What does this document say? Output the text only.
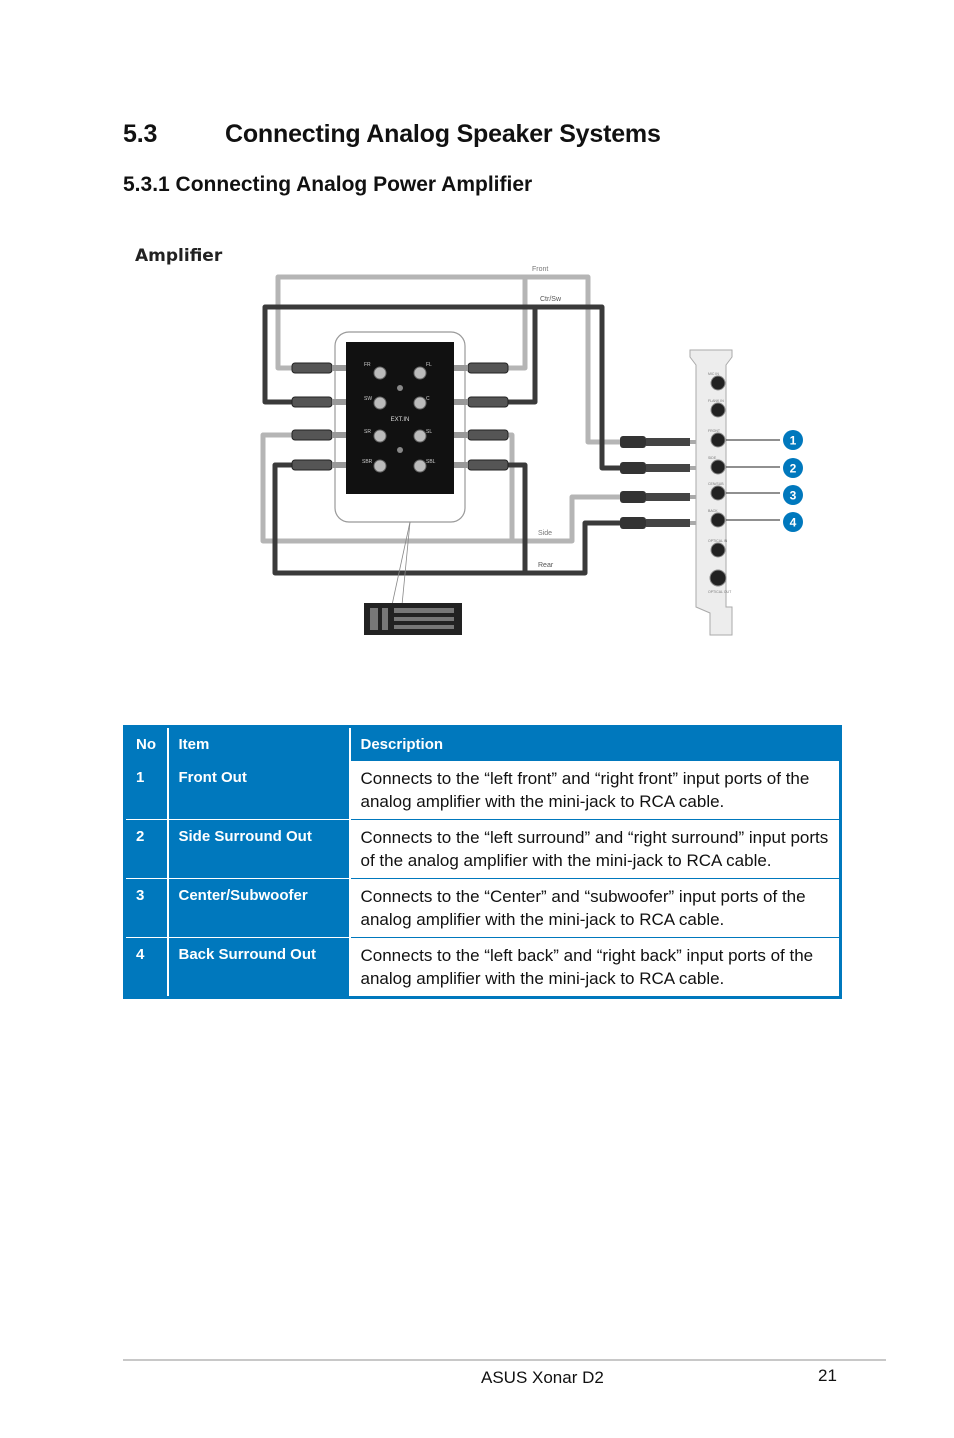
5.3	Connecting Analog Speaker Systems
5.3.1 Connecting Analog Power Amplifier
Amplifier
Front
Ctr/Sw
Side
Rear
EXT.IN
FR
SW
SR
SBR
FL
C
SL
SBL
MIC IN
FLANK IN
FRONT
SIDE
CEN/SUB
BACK
OPTICAL IN
OPTICAL OUT
1
2
3
4
No	Item	Description
1	Front Out	Connects to the “left front” and “right front” input ports of the analog amplifier with the mini-jack to RCA cable.
2	Side Surround Out	Connects to the “left surround” and “right surround” input ports of the analog amplifier with the mini-jack to RCA cable.
3	Center/Subwoofer	Connects to the “Center” and “subwoofer” input ports of the analog amplifier with the mini-jack to RCA cable.
4	Back Surround Out	Connects to the “left back” and “right back” input ports of the analog amplifier with the mini-jack to RCA cable.
ASUS Xonar D2	21
